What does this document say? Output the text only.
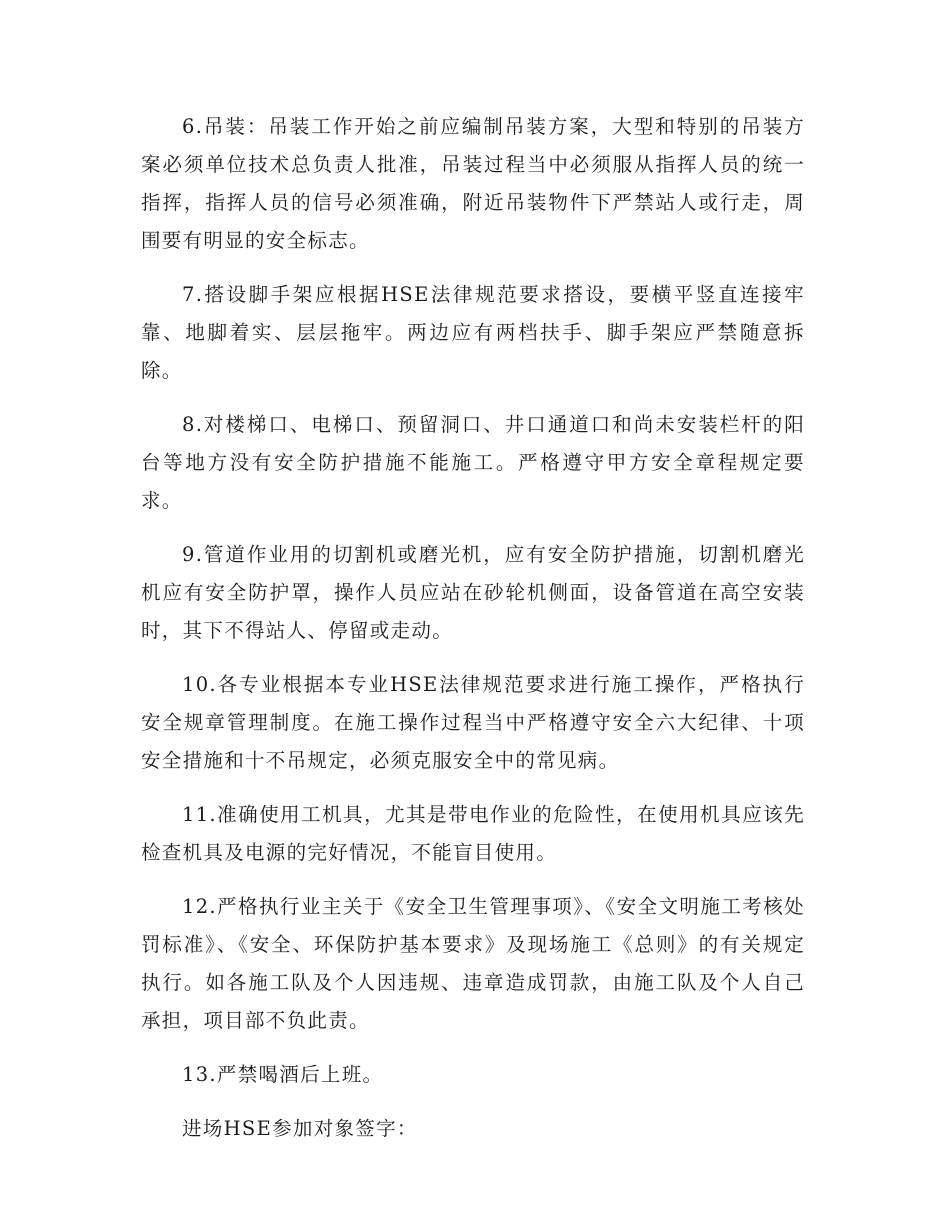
6.吊装：吊装工作开始之前应编制吊装方案，大型和特别的吊装方案必须单位技术总负责人批准，吊装过程当中必须服从指挥人员的统一指挥，指挥人员的信号必须准确，附近吊装物件下严禁站人或行走，周围要有明显的安全标志。

7.搭设脚手架应根据HSE法律规范要求搭设，要横平竖直连接牢靠、地脚着实、层层拖牢。两边应有两档扶手、脚手架应严禁随意拆除。

8.对楼梯口、电梯口、预留洞口、井口通道口和尚未安装栏杆的阳台等地方没有安全防护措施不能施工。严格遵守甲方安全章程规定要求。

9.管道作业用的切割机或磨光机，应有安全防护措施，切割机磨光机应有安全防护罩，操作人员应站在砂轮机侧面，设备管道在高空安装时，其下不得站人、停留或走动。

10.各专业根据本专业HSE法律规范要求进行施工操作，严格执行安全规章管理制度。在施工操作过程当中严格遵守安全六大纪律、十项安全措施和十不吊规定，必须克服安全中的常见病。

11.准确使用工机具，尤其是带电作业的危险性，在使用机具应该先检查机具及电源的完好情况，不能盲目使用。

12.严格执行业主关于《安全卫生管理事项》、《安全文明施工考核处罚标准》、《安全、环保防护基本要求》及现场施工《总则》的有关规定执行。如各施工队及个人因违规、违章造成罚款，由施工队及个人自己承担，项目部不负此责。

13.严禁喝酒后上班。

进场HSE参加对象签字：
